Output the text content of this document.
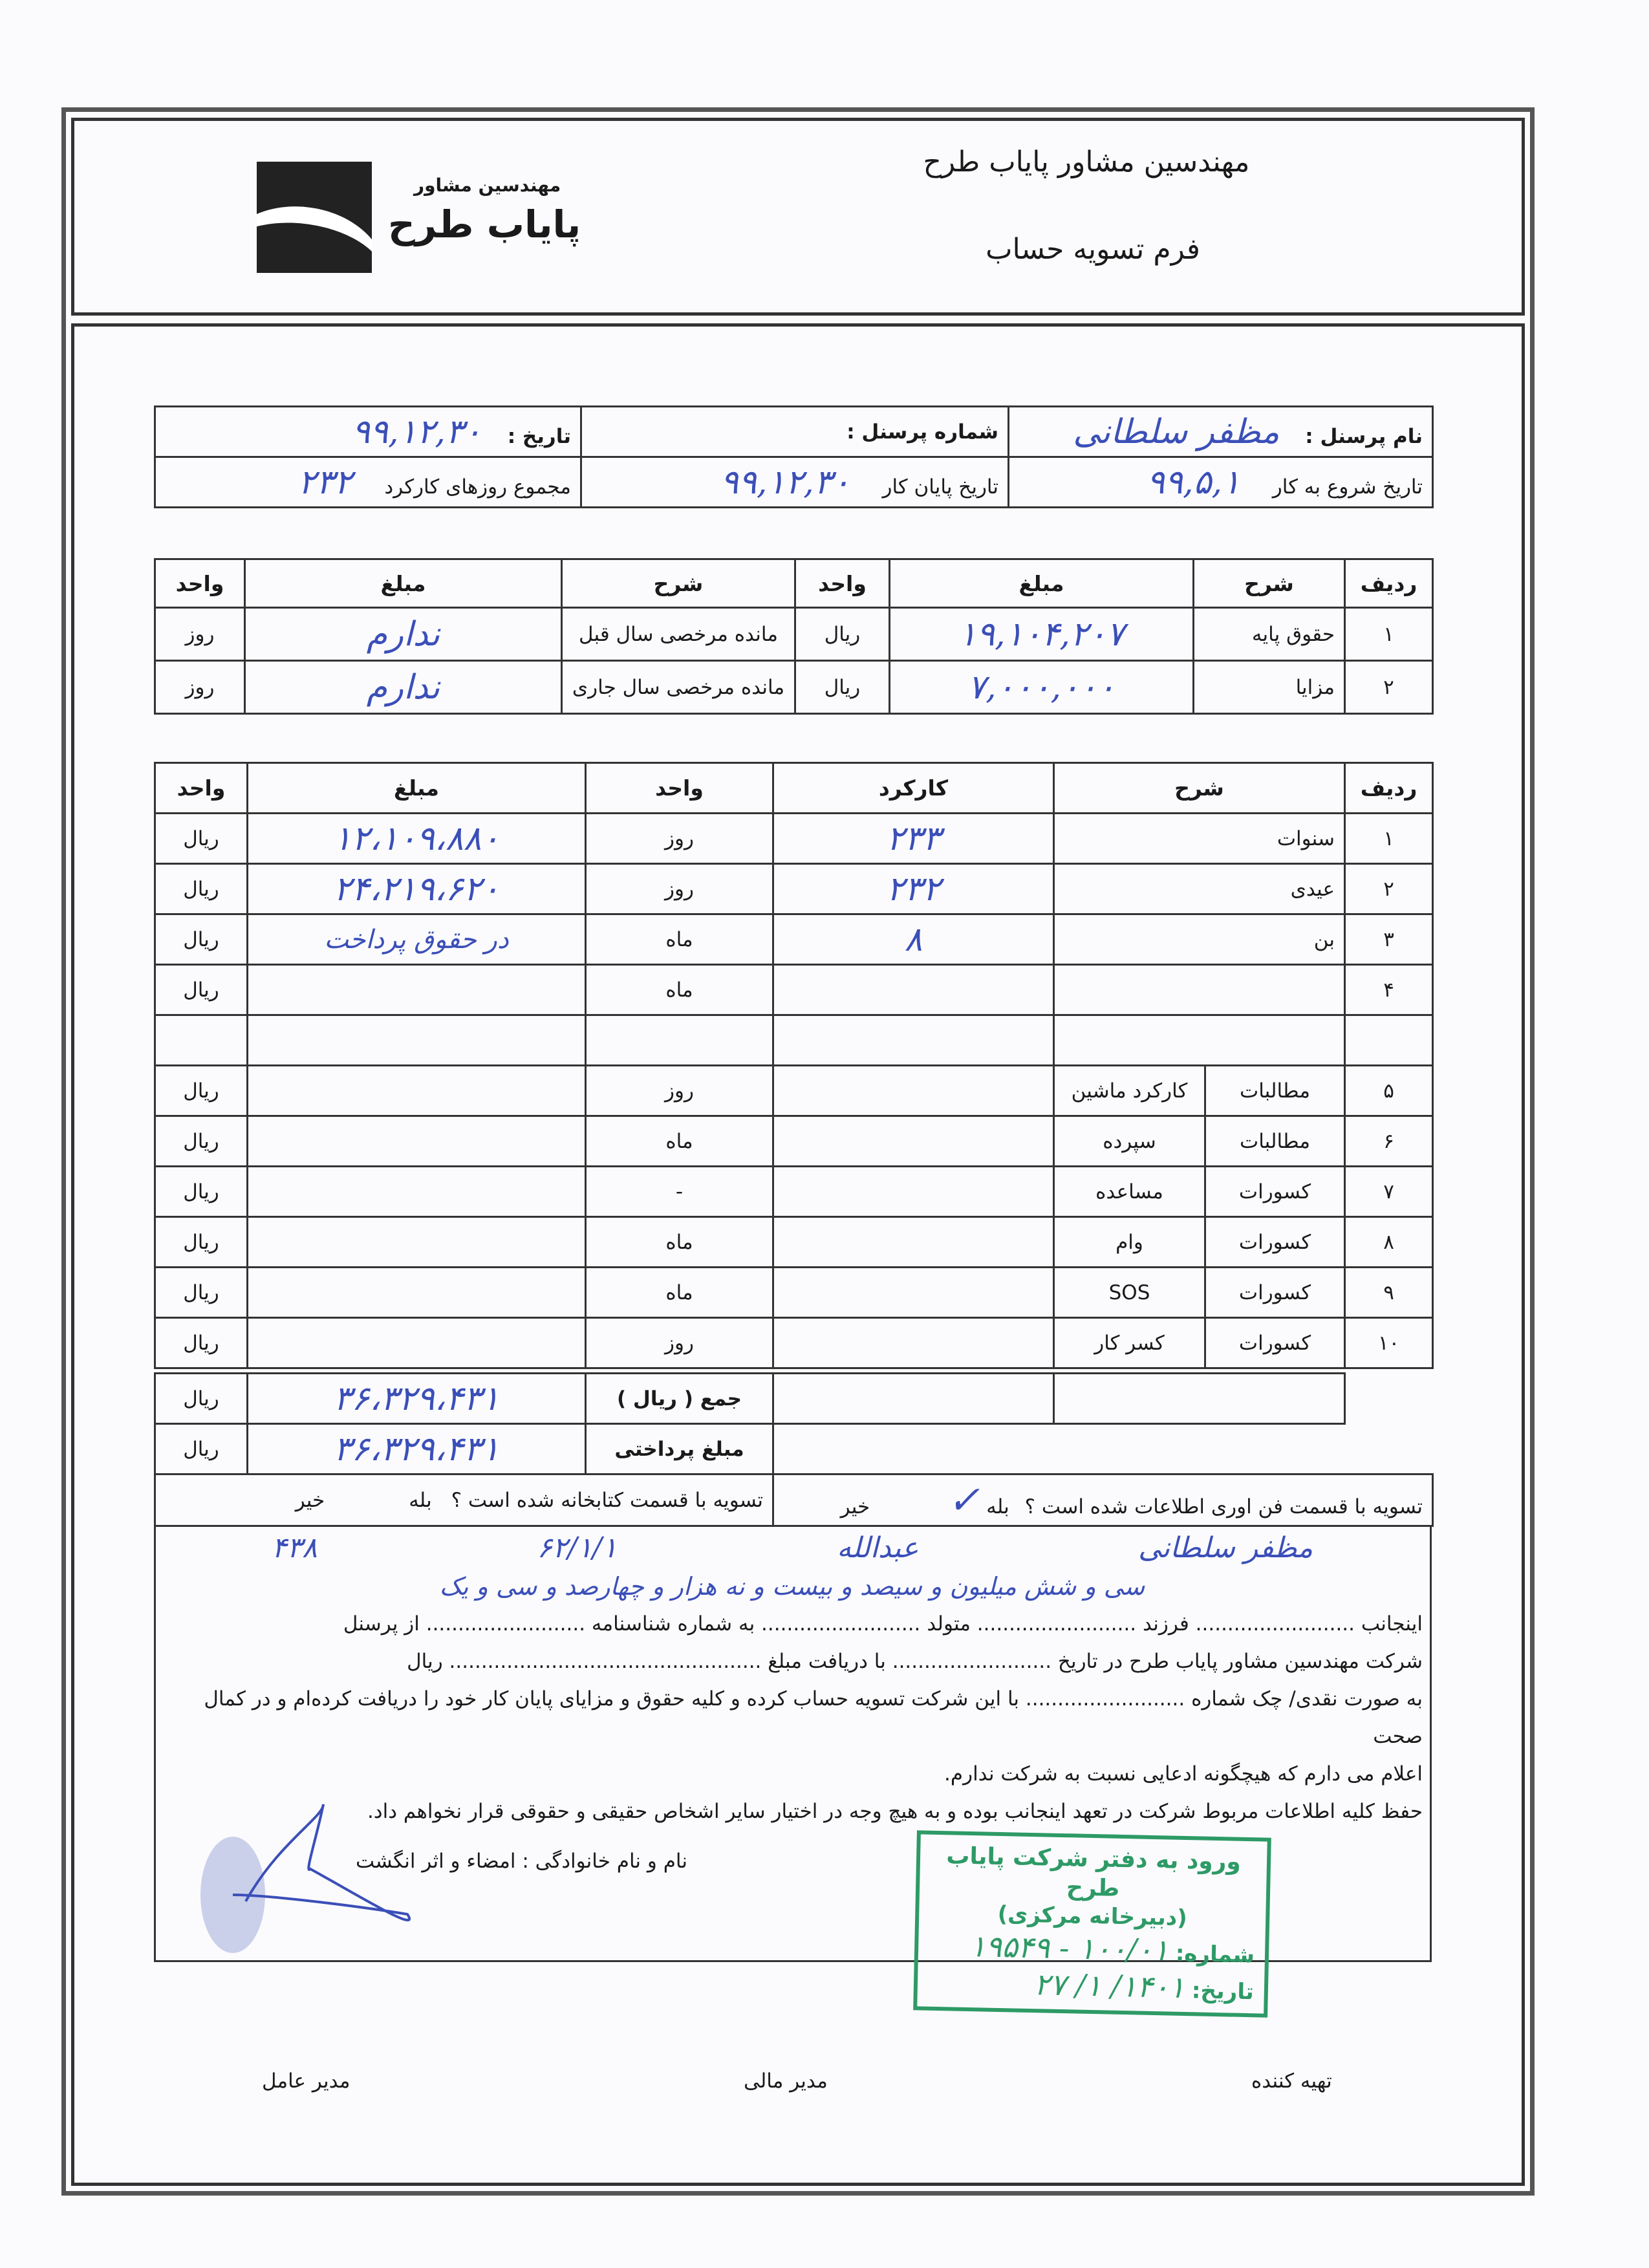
مهندسین مشاور
پایاب طرح
مهندسین مشاور پایاب طرح
فرم تسویه حساب
نام پرسنل : مظفر سلطانی	شماره پرسنل :	تاریخ : ۹۹,۱۲,۳۰
تاریخ شروع به کار ۹۹,۵,۱	تاریخ پایان کار ۹۹,۱۲,۳۰	مجموع روزهای کارکرد ۲۳۲
ردیف	شرح	مبلغ	واحد	شرح	مبلغ	واحد
۱	حقوق پایه	۱۹,۱۰۴,۲۰۷	ریال	مانده مرخصی سال قبل	ندارم	روز
۲	مزایا	۷,۰۰۰,۰۰۰	ریال	مانده مرخصی سال جاری	ندارم	روز
ردیف	شرح		کارکرد	واحد	مبلغ	واحد
۱	سنوات		۲۳۳	روز	۱۲،۱۰۹،۸۸۰	ریال
۲	عیدی		۲۳۲	روز	۲۴،۲۱۹،۶۲۰	ریال
۳	بن		۸	ماه	در حقوق پرداخت	ریال
۴				ماه		ریال

۵	مطالبات	کارکرد ماشین		روز		ریال
۶	مطالبات	سپرده		ماه		ریال
۷	کسورات	مساعده		-		ریال
۸	کسورات	وام		ماه		ریال
۹	کسورات	SOS		ماه		ریال
۱۰	کسورات	کسر کار		روز		ریال
		جمع ( ریال )	۳۶،۳۲۹،۴۳۱	ریال
مبلغ پرداختی	۳۶،۳۲۹،۴۳۱	ریال
تسویه با قسمت فن اوری اطلاعات شده است ؟ بله ✓ خیر	تسویه با قسمت کتابخانه شده است ؟ بله خیر
مظفر سلطانی
عبدالله
۶۲/۱/۱
۴۳۸
سی و شش میلیون و سیصد و بیست و نه هزار و چهارصد و سی و یک
اینجانب ......................... فرزند ......................... متولد ......................... به شماره شناسنامه ......................... از پرسنل
شرکت مهندسین مشاور پایاب طرح در تاریخ ......................... با دریافت مبلغ ................................................. ریال
به صورت نقدی/ چک شماره ......................... با این شرکت تسویه حساب کرده و کلیه حقوق و مزایای پایان کار خود را دریافت کرده‌ام و در کمال صحت
اعلام می دارم که هیچگونه ادعایی نسبت به شرکت ندارم.
حفظ کلیه اطلاعات مربوط شرکت در تعهد اینجانب بوده و به هیچ وجه در اختیار سایر اشخاص حقیقی و حقوقی قرار نخواهم داد.
نام و نام خانوادگی : امضاء و اثر انگشت	ورود به دفتر شرکت پایاب طرح
(دبیرخانه مرکزی)
شماره: ۱۰۰/۰۱ - ۱۹۵۴۹
تاریخ: ۱۴۰۱/ ۱/ ۲۷
تهیه کننده
مدیر مالی
مدیر عامل
